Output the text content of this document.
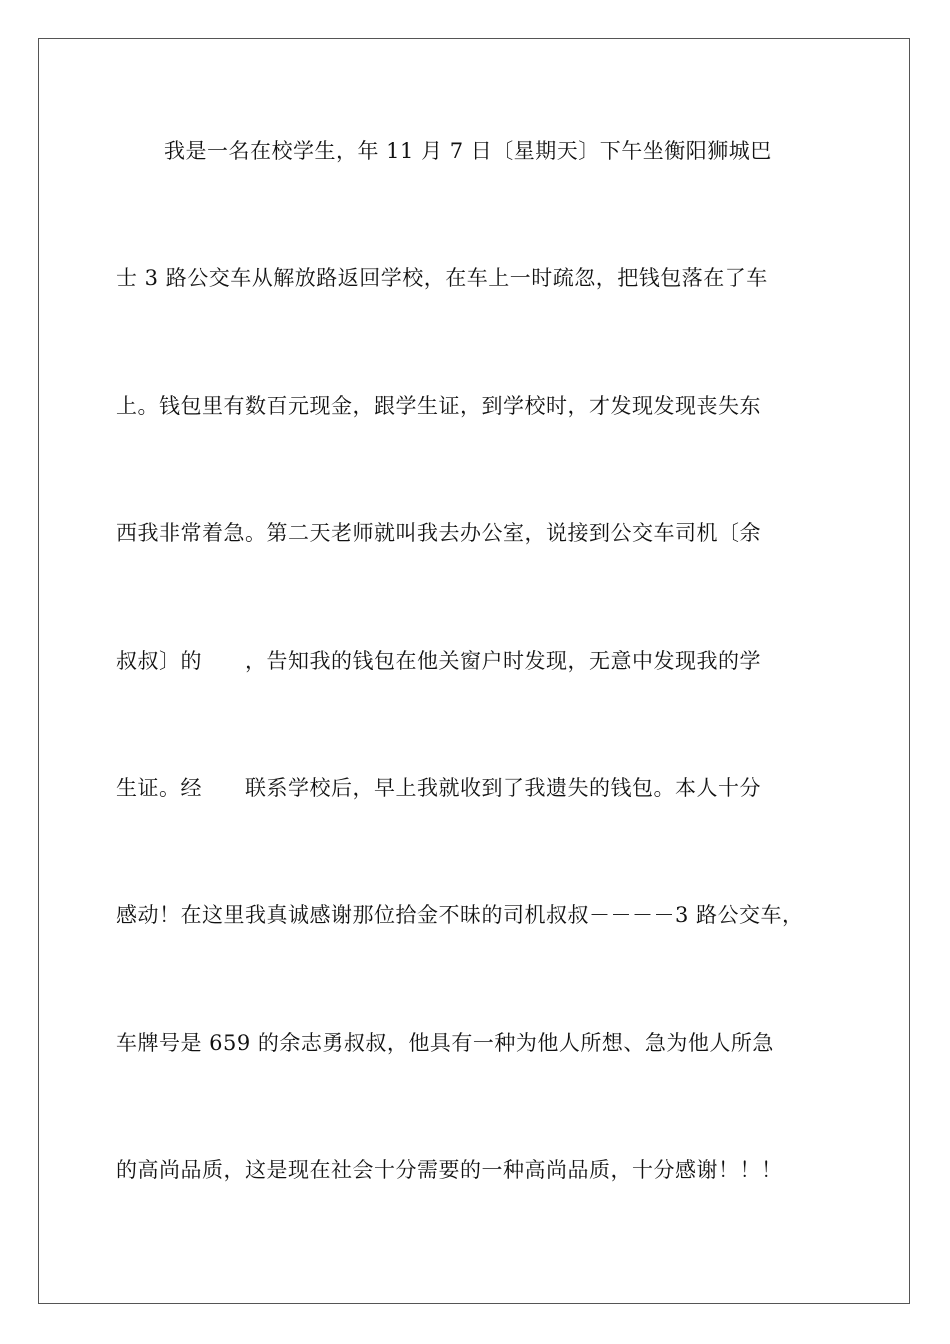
我是一名在校学生，年 11 月 7 日〔星期天〕下午坐衡阳狮城巴
士 3 路公交车从解放路返回学校，在车上一时疏忽，把钱包落在了车
上。钱包里有数百元现金，跟学生证，到学校时，才发现发现丧失东
西我非常着急。第二天老师就叫我去办公室，说接到公交车司机〔余
叔叔〕的　　，告知我的钱包在他关窗户时发现，无意中发现我的学
生证。经　　联系学校后，早上我就收到了我遗失的钱包。本人十分
感动！在这里我真诚感谢那位拾金不昧的司机叔叔－－－－3 路公交车，
车牌号是 659 的余志勇叔叔，他具有一种为他人所想、急为他人所急
的高尚品质，这是现在社会十分需要的一种高尚品质，十分感谢！！！
